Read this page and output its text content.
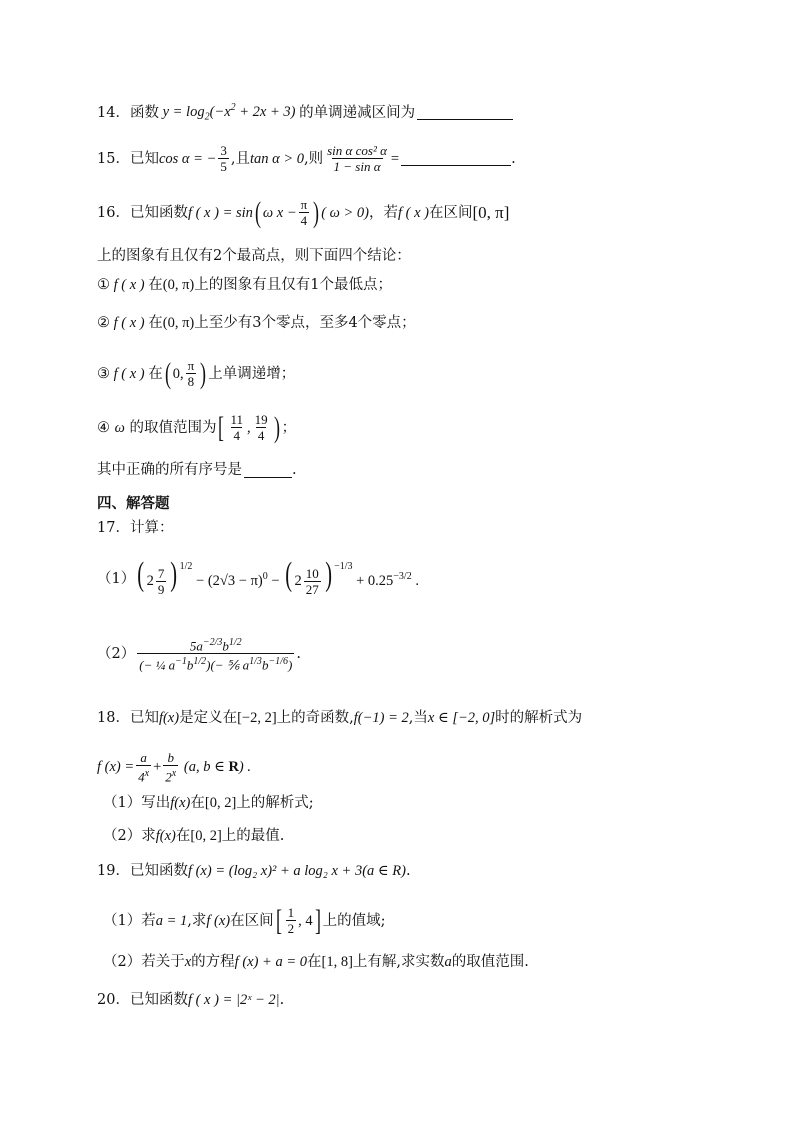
14． 函数 $y = \log_2(-x^2 + 2x + 3)$ 的单调递减区间为
15． 已知 cos α = − $\frac{3}{5}$ ,且 tan α > 0 ,则 $\frac{\text{sin α cos² α}}{\text{1 − sin α}}$ =	.
16． 已知函数 f ( x ) = sin ( ω $x - \frac{\pi}{4}$ ) ( ω > 0) ，若 f ( x ) 在区间 [0, π]
上的图象有且仅有2个最高点，则下面四个结论：
① f ( x ) 在 (0, π) 上的图象有且仅有1个最低点；
② f ( x ) 在 (0, π) 上至少有3个零点，至多4个零点；
③ f ( x ) 在 ( 0, $\frac{\pi}{8}$ ) 上单调递增；
④
ω
的取值范围为 [ $\frac{11}{4}$ , $\frac{19}{4}$ ) ；
其中正确的所有序号是	.
四、解答题
17． 计算：
（1） ( $2 \frac{7}{9}$ ) $^{1/2} - (2√3 - \pi)^0$ − ( $2 \frac{10}{27}$ ) $^{-1/3} + 0.25^{-3/2}$ .
$(2) \frac{5a^{-2/3}b^{1/2}}{(- \frac{1}{4} a^{-1}b^{1/2})(- \frac{5}{6} a^{1/3}b^{-1/6})}$ .
18． 已知 f(x) 是定义在 [−2, 2] 上的奇函数, f(−1) = 2 ,当 x ∈ [−2, 0] 时的解析式为
f $(x) = \frac{a}{4^x} + \frac{b}{2^x} (a$, b ∈ R) .
（1）写出 f(x) 在 [0, 2] 上的解析式;
（2）求 f(x) 在 [0, 2] 上的最值.
19． 已知函数 f (x) = (log₂ x)² + a log₂ x + 3(a ∈ R) .
（1）若 a = 1 ,求 f (x) 在区间 [ $\frac{1}{2}$ , 4 ] 上的值域;
（2）若关于 x 的方程 f (x) + a = 0 在 [1, 8] 上有解,求实数 a 的取值范围.
20． 已知函数 f ( x ) = |2ˣ − 2| .
